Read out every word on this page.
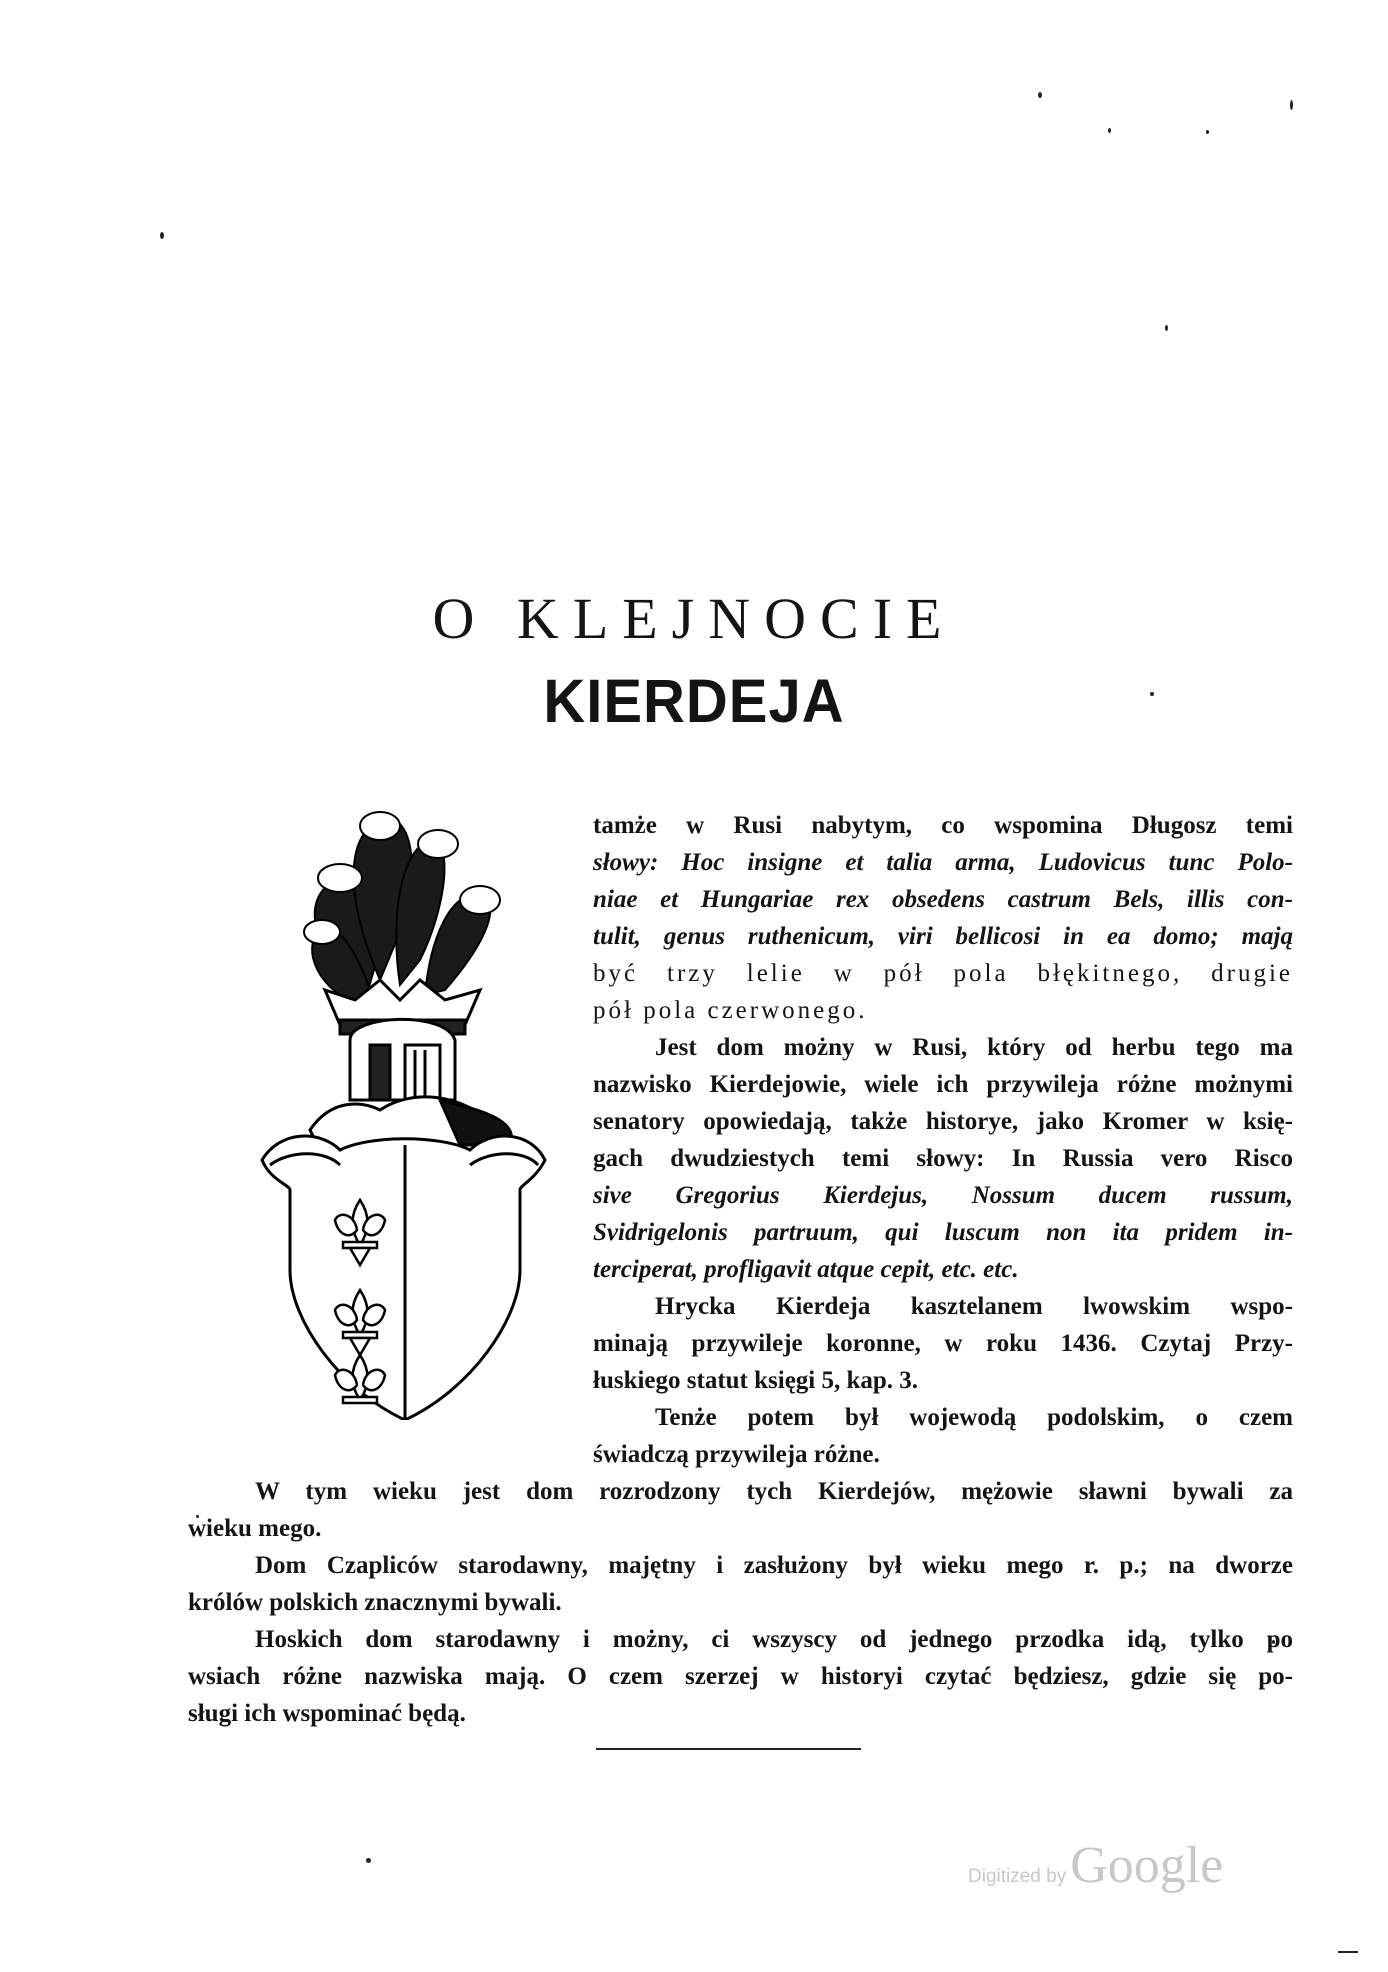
O KLEJNOCIE
KIERDEJA
tamże w Rusi nabytym, co wspomina Długosz temi
słowy: Hoc insigne et talia arma, Ludovicus tunc Polo-
niae et Hungariae rex obsedens castrum Bels, illis con-
tulit, genus ruthenicum, viri bellicosi in ea domo; mają
być trzy lelie w pół pola błękitnego, drugie
pół pola czerwonego.
Jest dom możny w Rusi, który od herbu tego ma
nazwisko Kierdejowie, wiele ich przywileja różne możnymi
senatory opowiedają, także historye, jako Kromer w księ-
gach dwudziestych temi słowy: In Russia vero Risco
sive Gregorius Kierdejus, Nossum ducem russum,
Svidrigelonis partruum, qui luscum non ita pridem in-
terciperat, profligavit atque cepit, etc. etc.
Hrycka Kierdeja kasztelanem lwowskim wspo-
minają przywileje koronne, w roku 1436. Czytaj Przy-
łuskiego statut księgi 5, kap. 3.
Tenże potem był wojewodą podolskim, o czem
świadczą przywileja różne.
W tym wieku jest dom rozrodzony tych Kierdejów, mężowie sławni bywali za
wieku mego.
Dom Czapliców starodawny, majętny i zasłużony był wieku mego r. p.; na dworze
królów polskich znacznymi bywali.
Hoskich dom starodawny i możny, ci wszyscy od jednego przodka idą, tylko po
wsiach różne nazwiska mają. O czem szerzej w historyi czytać będziesz, gdzie się po-
sługi ich wspominać będą.
Digitized by Google
